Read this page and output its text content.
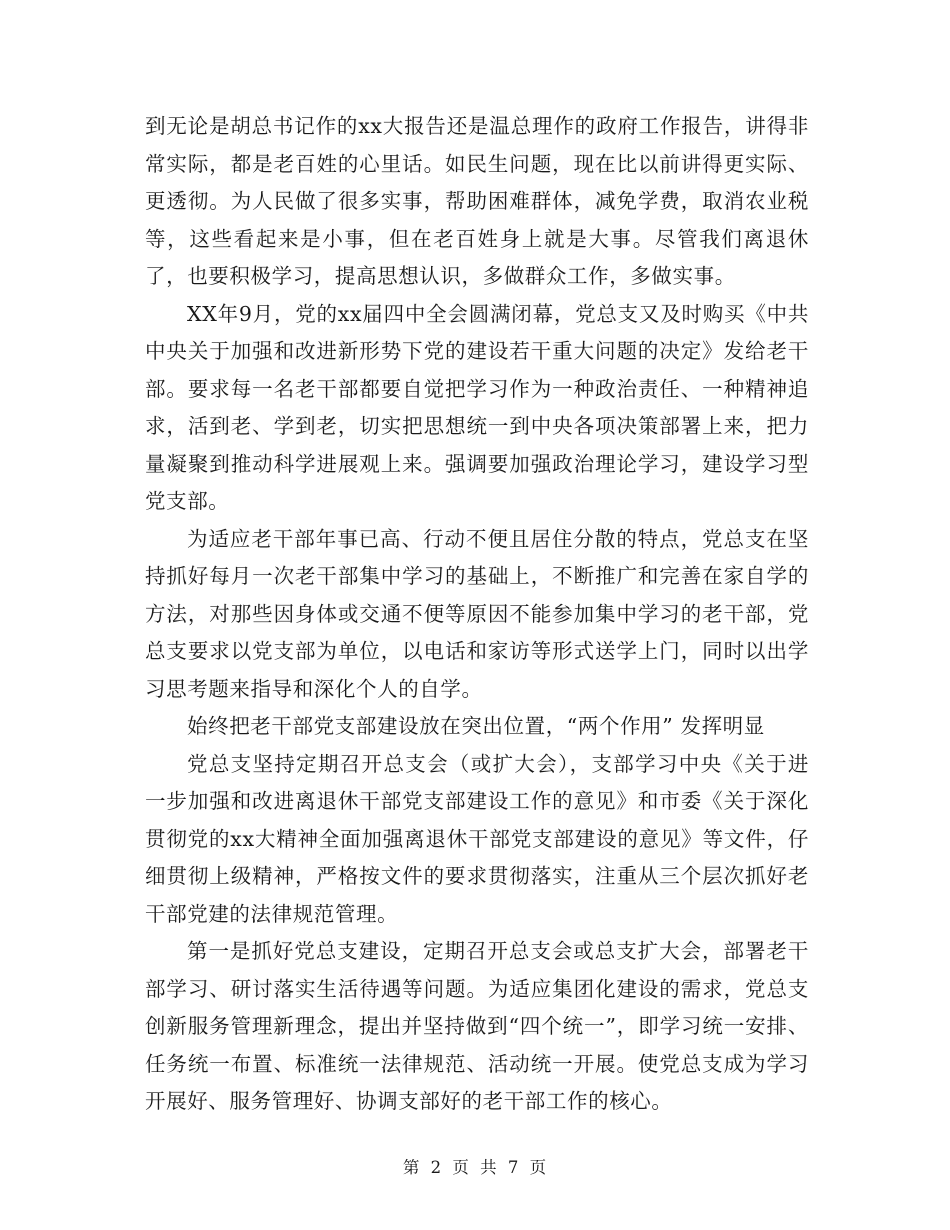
到无论是胡总书记作的xx大报告还是温总理作的政府工作报告，讲得非常实际，都是老百姓的心里话。如民生问题，现在比以前讲得更实际、更透彻。为人民做了很多实事，帮助困难群体，减免学费，取消农业税等，这些看起来是小事，但在老百姓身上就是大事。尽管我们离退休了，也要积极学习，提高思想认识，多做群众工作，多做实事。

XX年9月，党的xx届四中全会圆满闭幕，党总支又及时购买《中共中央关于加强和改进新形势下党的建设若干重大问题的决定》发给老干部。要求每一名老干部都要自觉把学习作为一种政治责任、一种精神追求，活到老、学到老，切实把思想统一到中央各项决策部署上来，把力量凝聚到推动科学进展观上来。强调要加强政治理论学习，建设学习型党支部。

为适应老干部年事已高、行动不便且居住分散的特点，党总支在坚持抓好每月一次老干部集中学习的基础上，不断推广和完善在家自学的方法，对那些因身体或交通不便等原因不能参加集中学习的老干部，党总支要求以党支部为单位，以电话和家访等形式送学上门，同时以出学习思考题来指导和深化个人的自学。

始终把老干部党支部建设放在突出位置，“两个作用” 发挥明显

党总支坚持定期召开总支会（或扩大会），支部学习中央《关于进一步加强和改进离退休干部党支部建设工作的意见》和市委《关于深化贯彻党的xx大精神全面加强离退休干部党支部建设的意见》等文件，仔细贯彻上级精神，严格按文件的要求贯彻落实，注重从三个层次抓好老干部党建的法律规范管理。

第一是抓好党总支建设，定期召开总支会或总支扩大会，部署老干部学习、研讨落实生活待遇等问题。为适应集团化建设的需求，党总支创新服务管理新理念，提出并坚持做到“四个统一”，即学习统一安排、任务统一布置、标准统一法律规范、活动统一开展。使党总支成为学习开展好、服务管理好、协调支部好的老干部工作的核心。

第 2 页 共 7 页
